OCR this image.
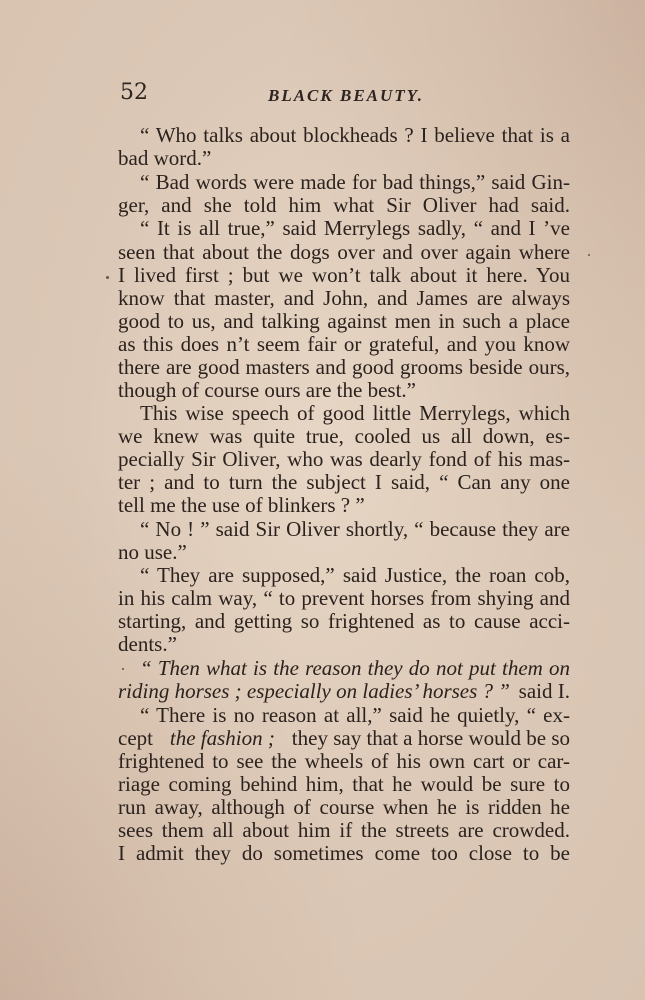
52	BLACK BEAUTY.
“ Who talks about blockheads ? I believe that is a
bad word.”
“ Bad words were made for bad things,” said Gin-
ger, and she told him what Sir Oliver had said.
“ It is all true,” said Merrylegs sadly, “ and I ’ve
seen that about the dogs over and over again where
I lived first ; but we won’t talk about it here. You
know that master, and John, and James are always
good to us, and talking against men in such a place
as this does n’t seem fair or grateful, and you know
there are good masters and good grooms beside ours,
though of course ours are the best.”
This wise speech of good little Merrylegs, which
we knew was quite true, cooled us all down, es-
pecially Sir Oliver, who was dearly fond of his mas-
ter ; and to turn the subject I said, “ Can any one
tell me the use of blinkers ? ”
“ No ! ” said Sir Oliver shortly, “ because they are
no use.”
“ They are supposed,” said Justice, the roan cob,
in his calm way, “ to prevent horses from shying and
starting, and getting so frightened as to cause acci-
dents.”
“ Then what is the reason they do not put them on
riding horses ; especially on ladies’ horses ? ” said I.
“ There is no reason at all,” said he quietly, “ ex-
cept the fashion ; they say that a horse would be so
frightened to see the wheels of his own cart or car-
riage coming behind him, that he would be sure to
run away, although of course when he is ridden he
sees them all about him if the streets are crowded.
I admit they do sometimes come too close to be
